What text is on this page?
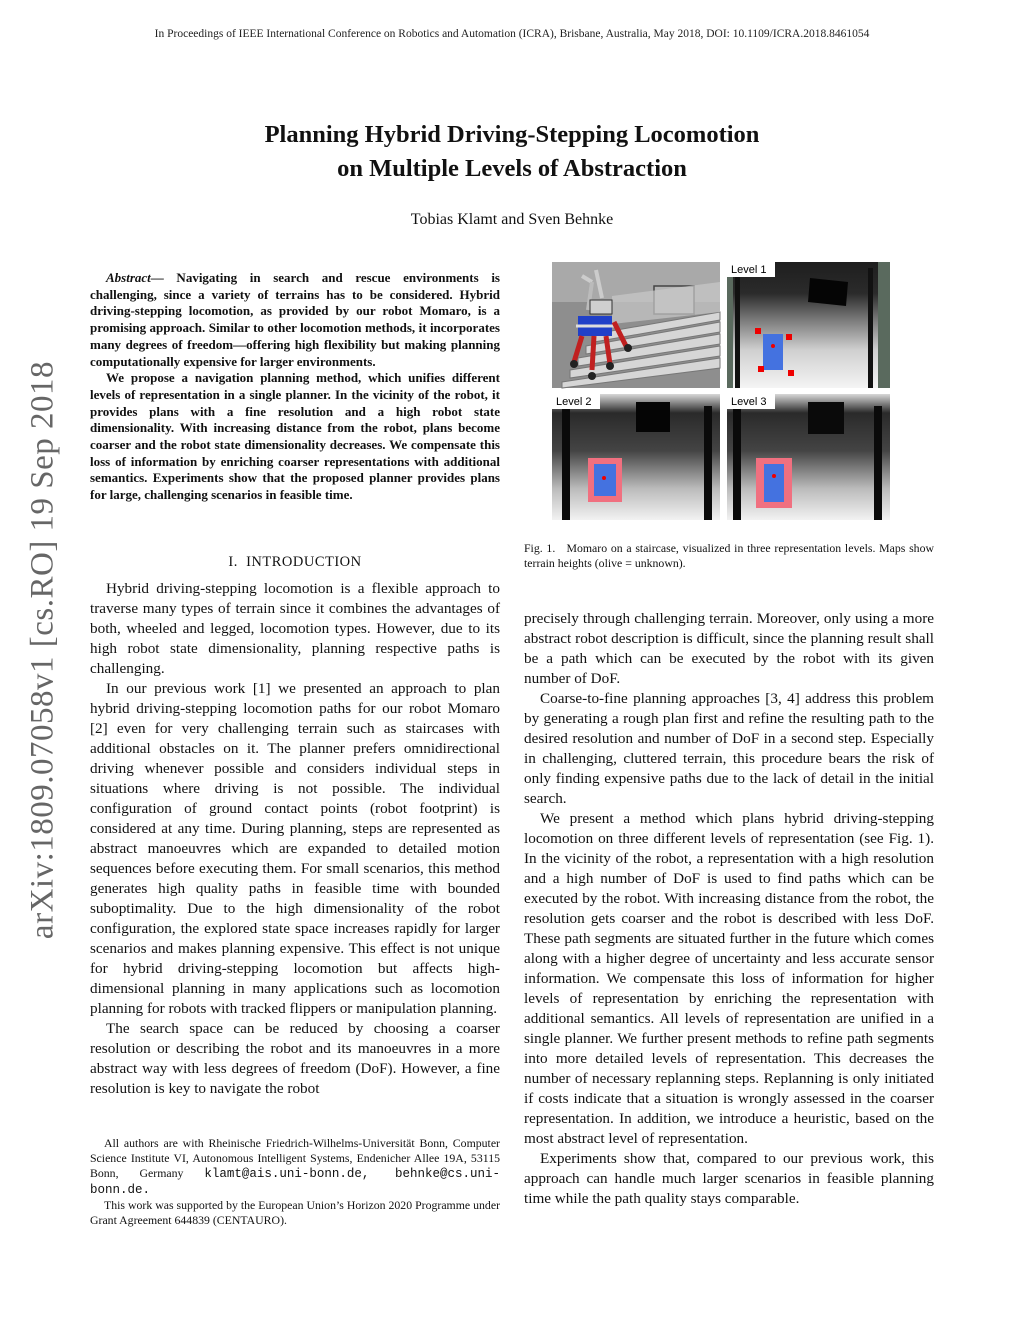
In Proceedings of IEEE International Conference on Robotics and Automation (ICRA), Brisbane, Australia, May 2018, DOI: 10.1109/ICRA.2018.8461054
arXiv:1809.07058v1 [cs.RO] 19 Sep 2018
Planning Hybrid Driving-Stepping Locomotion
on Multiple Levels of Abstraction
Tobias Klamt and Sven Behnke

Abstract— Navigating in search and rescue environments is challenging, since a variety of terrains has to be considered. Hybrid driving-stepping locomotion, as provided by our robot Momaro, is a promising approach. Similar to other locomotion methods, it incorporates many degrees of freedom—offering high flexibility but making planning computationally expensive for larger environments.

We propose a navigation planning method, which unifies different levels of representation in a single planner. In the vicinity of the robot, it provides plans with a fine resolution and a high robot state dimensionality. With increasing distance from the robot, plans become coarser and the robot state dimensionality decreases. We compensate this loss of information by enriching coarser representations with additional semantics. Experiments show that the proposed planner provides plans for large, challenging scenarios in feasible time.

I. INTRODUCTION

Hybrid driving-stepping locomotion is a flexible approach to traverse many types of terrain since it combines the advantages of both, wheeled and legged, locomotion types. However, due to its high robot state dimensionality, planning respective paths is challenging.

In our previous work [1] we presented an approach to plan hybrid driving-stepping locomotion paths for our robot Momaro [2] even for very challenging terrain such as staircases with additional obstacles on it. The planner prefers omnidirectional driving whenever possible and considers individual steps in situations where driving is not possible. The individual configuration of ground contact points (robot footprint) is considered at any time. During planning, steps are represented as abstract manoeuvres which are expanded to detailed motion sequences before executing them. For small scenarios, this method generates high quality paths in feasible time with bounded suboptimality. Due to the high dimensionality of the robot configuration, the explored state space increases rapidly for larger scenarios and makes planning expensive. This effect is not unique for hybrid driving-stepping locomotion but affects high-dimensional planning in many applications such as locomotion planning for robots with tracked flippers or manipulation planning.

The search space can be reduced by choosing a coarser resolution or describing the robot and its manoeuvres in a more abstract way with less degrees of freedom (DoF). However, a fine resolution is key to navigate the robot

All authors are with Rheinische Friedrich-Wilhelms-Universität Bonn, Computer Science Institute VI, Autonomous Intelligent Systems, Endenicher Allee 19A, 53115 Bonn, Germany klamt@ais.uni-bonn.de, behnke@cs.uni-bonn.de.

This work was supported by the European Union’s Horizon 2020 Programme under Grant Agreement 644839 (CENTAURO).

Level 1
Level 2	Level 3
Fig. 1. Momaro on a staircase, visualized in three representation levels. Maps show terrain heights (olive = unknown).

precisely through challenging terrain. Moreover, only using a more abstract robot description is difficult, since the planning result shall be a path which can be executed by the robot with its given number of DoF.

Coarse-to-fine planning approaches [3, 4] address this problem by generating a rough plan first and refine the resulting path to the desired resolution and number of DoF in a second step. Especially in challenging, cluttered terrain, this procedure bears the risk of only finding expensive paths due to the lack of detail in the initial search.

We present a method which plans hybrid driving-stepping locomotion on three different levels of representation (see Fig. 1). In the vicinity of the robot, a representation with a high resolution and a high number of DoF is used to find paths which can be executed by the robot. With increasing distance from the robot, the resolution gets coarser and the robot is described with less DoF. These path segments are situated further in the future which comes along with a higher degree of uncertainty and less accurate sensor information. We compensate this loss of information for higher levels of representation by enriching the representation with additional semantics. All levels of representation are unified in a single planner. We further present methods to refine path segments into more detailed levels of representation. This decreases the number of necessary replanning steps. Replanning is only initiated if costs indicate that a situation is wrongly assessed in the coarser representation. In addition, we introduce a heuristic, based on the most abstract level of representation.

Experiments show that, compared to our previous work, this approach can handle much larger scenarios in feasible planning time while the path quality stays comparable.
